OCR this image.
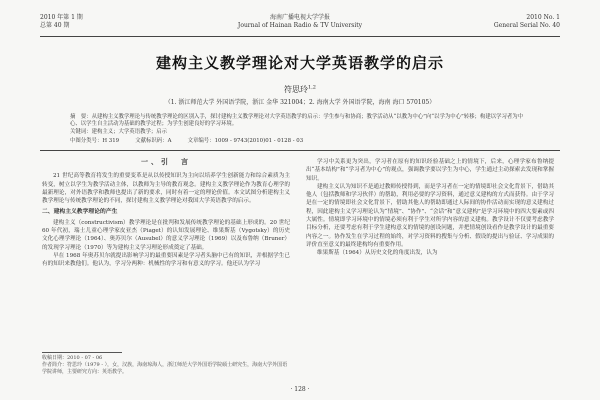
2010 年第 1 期
总第 40 期
海南广播电视大学学报
Journal of Hainan Radio & TV University
2010 No. 1
General Serial No. 40
建构主义教学理论对大学英语教学的启示
符思玲$^{1,2}$
（1. 浙江师范大学 外国语学院，浙江 金华 321004；2. 海南大学 外国语学院，海南 海口 570105）

摘　要：从建构主义教学理论与传统教学理论的区别入手，探讨建构主义教学理论对大学英语教学的启示：学生参与和协商；教学活动从“以教为中心”向“以学为中心”转移；构建以学习者为中心、以学生自主活动为基础的教学过程；为学生创建良好的学习环境。

关键词：建构主义；大学英语教学；启示

中图分类号：H 319　　　文献标识码：A　　　文章编号：1009 - 9743(2010)01 - 0128 - 03

一、引　言

21 世纪高等教育将发生的重要变革是从以传授知识为主向以培养学生创新能力和综合素质为主转变，树立以学生为教学活动主体，以教师为主导的教育观念。建构主义教学理论作为教育心理学的最新理论，对外语教学和教师也提出了新的要求，同时有着一定的理论价值。本文试图分析建构主义教学理论与传统教学理论的不同，探讨建构主义教学理论对我国大学英语教学的启示。

二、建构主义教学理论的产生

建构主义（constructivism）教学理论是在批判和发展传统教学理论的基础上形成的。20 世纪 60 年代初，瑞士儿童心理学家皮亚杰（Piaget）的认知发展理论、维果斯基（Vygotsky）的历史文化心理学理论（1964）、奥苏贝尔（Ausubel）的意义学习理论（1969）以及布鲁纳（Bruner）的发现学习理论（1970）等为建构主义学习理论形成奠定了基础。

早在 1968 年奥苏贝尔就提出影响学习的最重要因素是学习者头脑中已有的知识，并根据学生已有的知识来教他们。他认为，学习分两种：机械性的学习和有意义的学习。他还认为学习

学习中关系更为突出，学习者在原有的知识经验基础之上的情境下，后来，心理学家布鲁纳提出“基本结构”和“学习者为中心”的观点，强调教学要以学生为中心，学生通过主动探索去发现和掌握知识。

建构主义认为知识不是通过教师传授得到，而是学习者在一定的情境即社会文化背景下，借助其他人（包括教师和学习伙伴）的帮助，利用必要的学习资料，通过意义建构的方式而获得。由于学习是在一定的情境即社会文化背景下，借助其他人的帮助即通过人际间的协作活动而实现的意义建构过程，因此建构主义学习理论认为“情境”、“协作”、“会话”和“意义建构”是学习环境中的四大要素或四大属性。情境即学习环境中的情境必须有利于学生对所学内容的意义建构。教学设计不仅要考虑教学目标分析，还要考虑有利于学生建构意义的情境的创设问题，并把情境创设看作是教学设计的最重要内容之一。协作发生在学习过程的始终，对学习资料的搜集与分析、假设的提出与验证、学习成果的评价直至意义的最终建构均有重要作用。

维果斯基（1964）从历史文化的角度出发，认为

收稿日期：2010 - 07 - 06

作者简介：符思玲（1979 - ），女，汉族，海南琼海人，浙江师范大学外国语学院硕士研究生，海南大学外国语学院讲师，主要研究方向：英语教学。

· 128 ·
